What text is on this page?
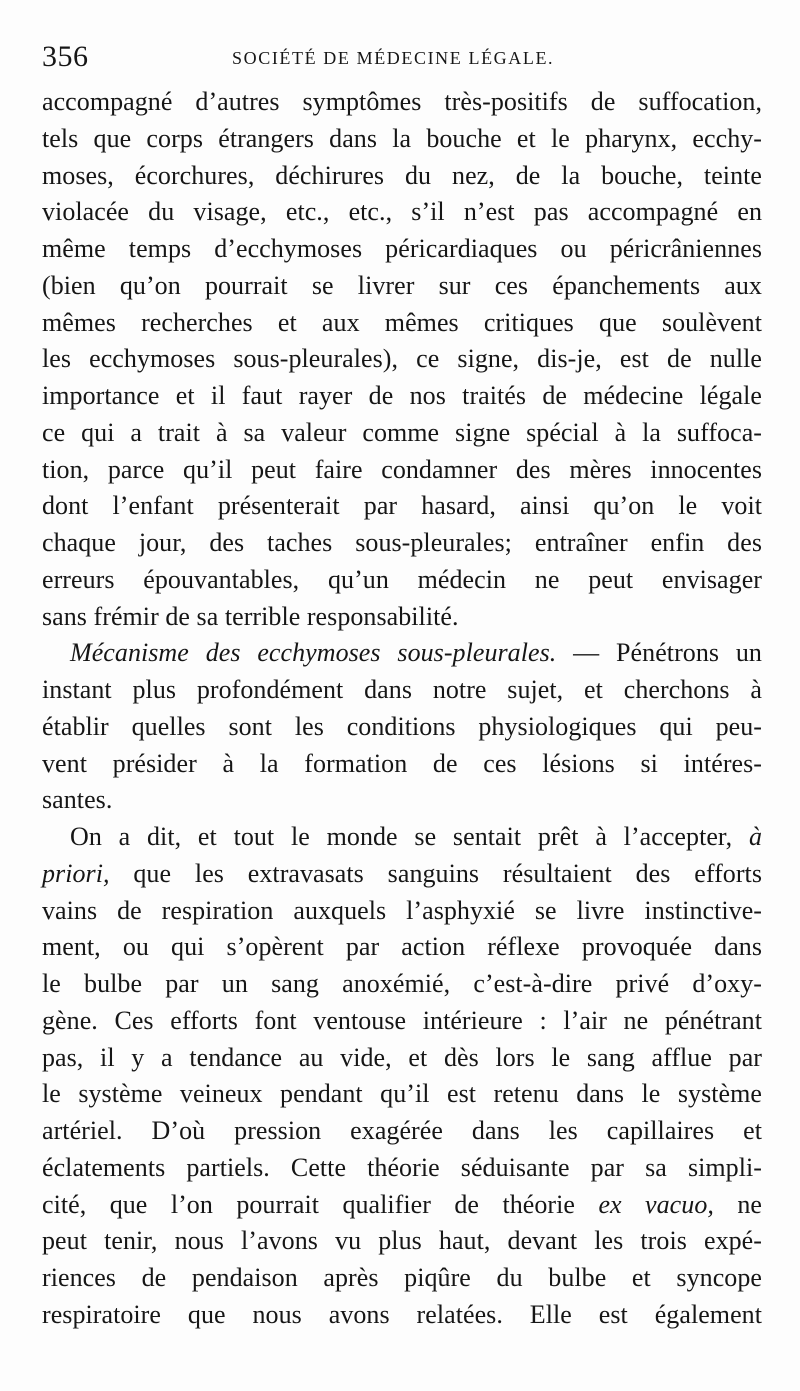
356	SOCIÉTÉ DE MÉDECINE LÉGALE.
accompagné d’autres symptômes très-positifs de suffocation,
tels que corps étrangers dans la bouche et le pharynx, ecchy-
moses, écorchures, déchirures du nez, de la bouche, teinte
violacée du visage, etc., etc., s’il n’est pas accompagné en
même temps d’ecchymoses péricardiaques ou péricrâniennes
(bien qu’on pourrait se livrer sur ces épanchements aux
mêmes recherches et aux mêmes critiques que soulèvent
les ecchymoses sous-pleurales), ce signe, dis-je, est de nulle
importance et il faut rayer de nos traités de médecine légale
ce qui a trait à sa valeur comme signe spécial à la suffoca-
tion, parce qu’il peut faire condamner des mères innocentes
dont l’enfant présenterait par hasard, ainsi qu’on le voit
chaque jour, des taches sous-pleurales; entraîner enfin des
erreurs épouvantables, qu’un médecin ne peut envisager
sans frémir de sa terrible responsabilité.
Mécanisme des ecchymoses sous-pleurales. — Pénétrons un
instant plus profondément dans notre sujet, et cherchons à
établir quelles sont les conditions physiologiques qui peu-
vent présider à la formation de ces lésions si intéres-
santes.
On a dit, et tout le monde se sentait prêt à l’accepter, à
priori, que les extravasats sanguins résultaient des efforts
vains de respiration auxquels l’asphyxié se livre instinctive-
ment, ou qui s’opèrent par action réflexe provoquée dans
le bulbe par un sang anoxémié, c’est-à-dire privé d’oxy-
gène. Ces efforts font ventouse intérieure : l’air ne pénétrant
pas, il y a tendance au vide, et dès lors le sang afflue par
le système veineux pendant qu’il est retenu dans le système
artériel. D’où pression exagérée dans les capillaires et
éclatements partiels. Cette théorie séduisante par sa simpli-
cité, que l’on pourrait qualifier de théorie ex vacuo, ne
peut tenir, nous l’avons vu plus haut, devant les trois expé-
riences de pendaison après piqûre du bulbe et syncope
respiratoire que nous avons relatées. Elle est également
